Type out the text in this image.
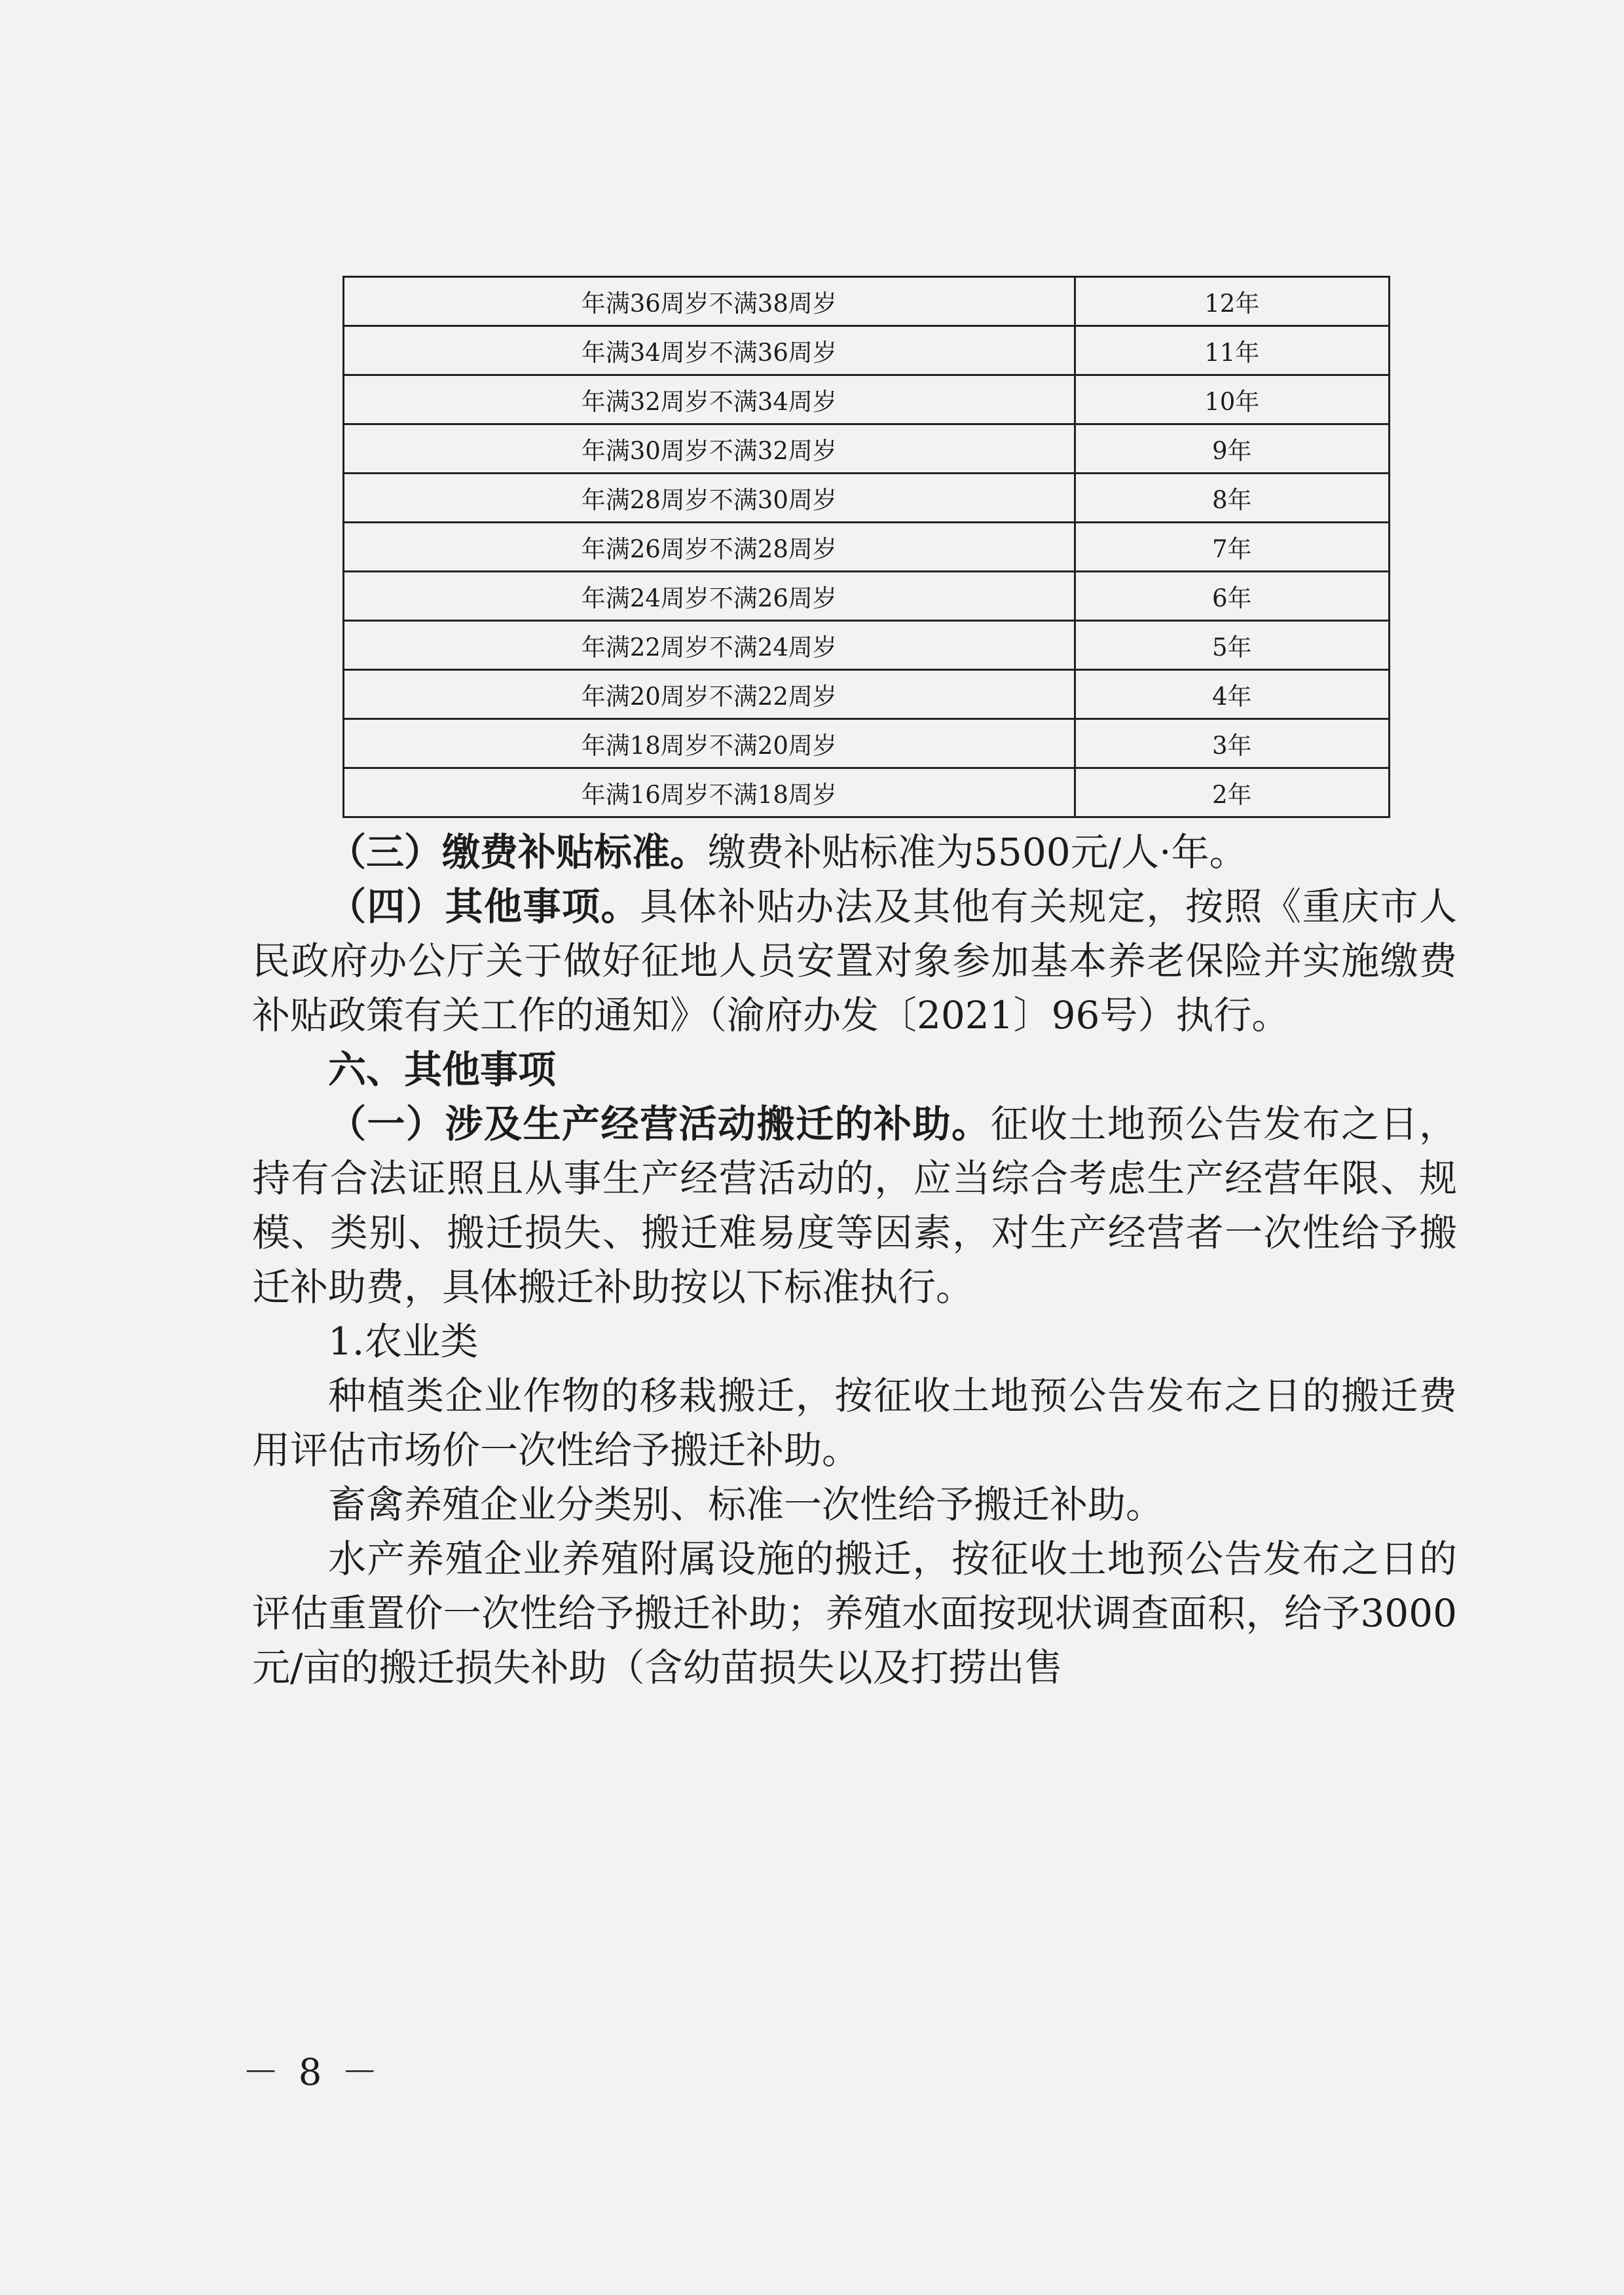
年满36周岁不满38周岁	12年
年满34周岁不满36周岁	11年
年满32周岁不满34周岁	10年
年满30周岁不满32周岁	9年
年满28周岁不满30周岁	8年
年满26周岁不满28周岁	7年
年满24周岁不满26周岁	6年
年满22周岁不满24周岁	5年
年满20周岁不满22周岁	4年
年满18周岁不满20周岁	3年
年满16周岁不满18周岁	2年

（三）缴费补贴标准。缴费补贴标准为5500元/人·年。

（四）其他事项。具体补贴办法及其他有关规定，按照《重庆市人民政府办公厅关于做好征地人员安置对象参加基本养老保险并实施缴费补贴政策有关工作的通知》（渝府办发〔2021〕96号）执行。

六、其他事项

（一）涉及生产经营活动搬迁的补助。征收土地预公告发布之日，持有合法证照且从事生产经营活动的，应当综合考虑生产经营年限、规模、类别、搬迁损失、搬迁难易度等因素，对生产经营者一次性给予搬迁补助费，具体搬迁补助按以下标准执行。

1.农业类

种植类企业作物的移栽搬迁，按征收土地预公告发布之日的搬迁费用评估市场价一次性给予搬迁补助。

畜禽养殖企业分类别、标准一次性给予搬迁补助。

水产养殖企业养殖附属设施的搬迁，按征收土地预公告发布之日的评估重置价一次性给予搬迁补助；养殖水面按现状调查面积，给予3000元/亩的搬迁损失补助（含幼苗损失以及打捞出售

－ 8 －
